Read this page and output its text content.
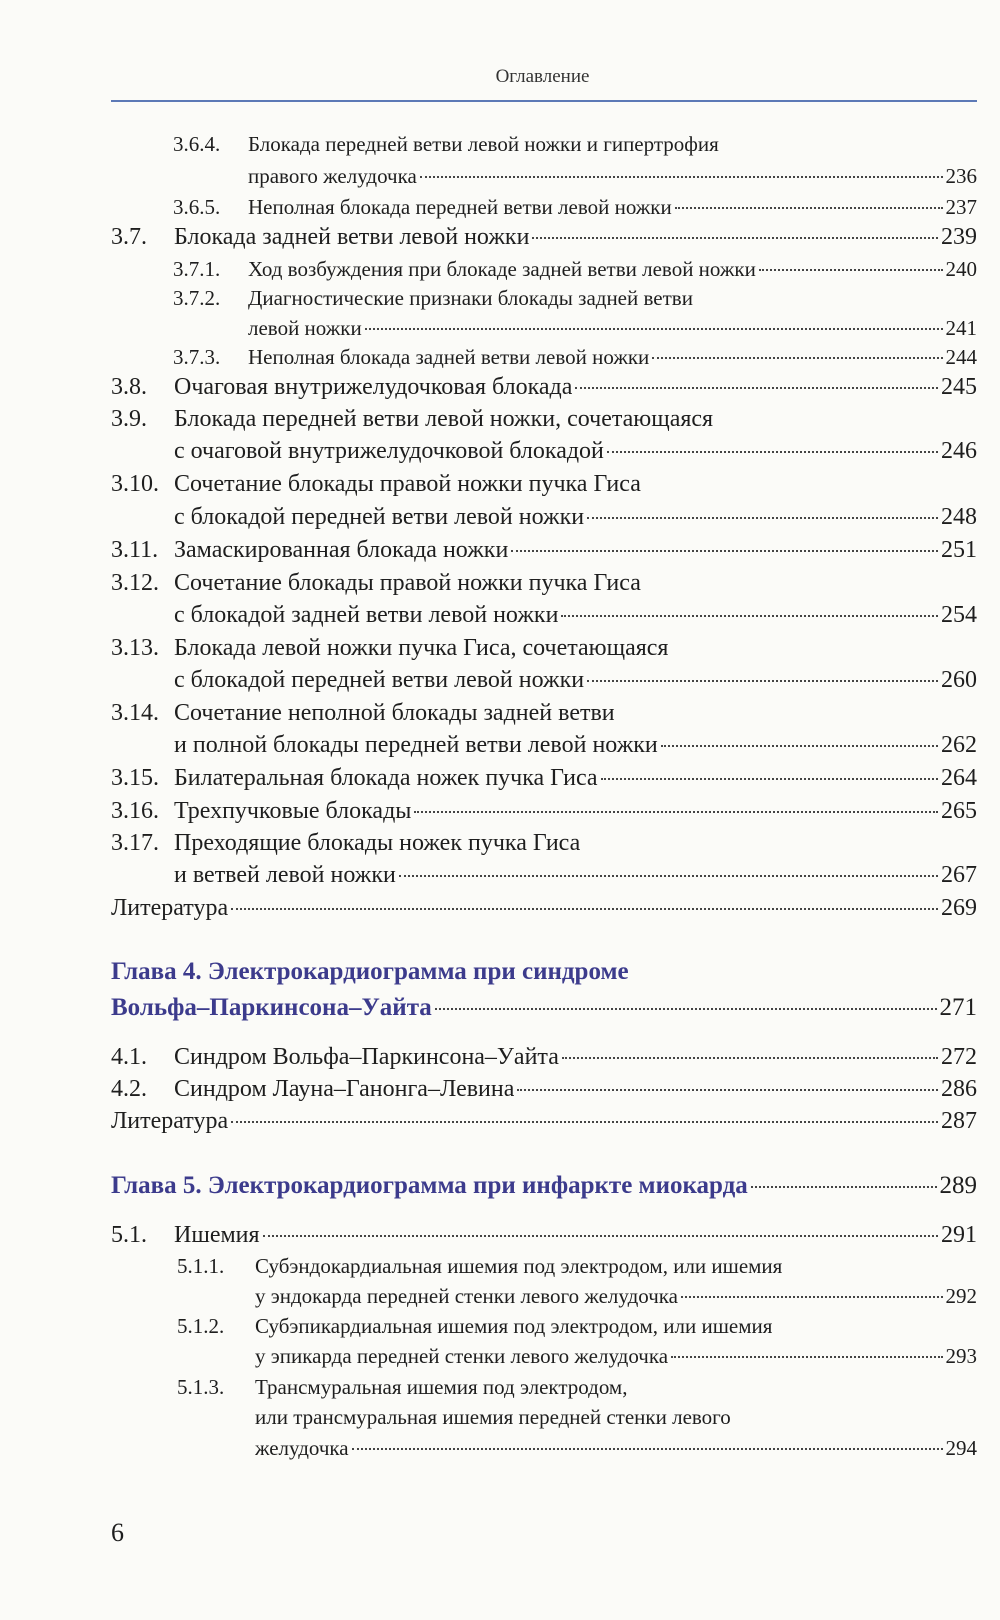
Оглавление
3.6.4.	Блокада передней ветви левой ножки и гипертрофия
правого желудочка	236
3.6.5.	Неполная блокада передней ветви левой ножки	237
3.7.	Блокада задней ветви левой ножки	239
3.7.1.	Ход возбуждения при блокаде задней ветви левой ножки	240
3.7.2.	Диагностические признаки блокады задней ветви
левой ножки	241
3.7.3.	Неполная блокада задней ветви левой ножки	244
3.8.	Очаговая внутрижелудочковая блокада	245
3.9.	Блокада передней ветви левой ножки, сочетающаяся
с очаговой внутрижелудочковой блокадой	246
3.10. Сочетание блокады правой ножки пучка Гиса
с блокадой передней ветви левой ножки	248
3.11. Замаскированная блокада ножки	251
3.12. Сочетание блокады правой ножки пучка Гиса
с блокадой задней ветви левой ножки	254
3.13. Блокада левой ножки пучка Гиса, сочетающаяся
с блокадой передней ветви левой ножки	260
3.14. Сочетание неполной блокады задней ветви
и полной блокады передней ветви левой ножки	262
3.15. Билатеральная блокада ножек пучка Гиса	264
3.16. Трехпучковые блокады	265
3.17. Преходящие блокады ножек пучка Гиса
и ветвей левой ножки	267
Литература	269
Глава 4. Электрокардиограмма при синдроме
Вольфа–Паркинсона–Уайта	271
4.1.	Синдром Вольфа–Паркинсона–Уайта	272
4.2.	Синдром Лауна–Ганонга–Левина	286
Литература	287
Глава 5. Электрокардиограмма при инфаркте миокарда	289
5.1.	Ишемия	291
5.1.1.	Субэндокардиальная ишемия под электродом, или ишемия
у эндокарда передней стенки левого желудочка	292
5.1.2.	Субэпикардиальная ишемия под электродом, или ишемия
у эпикарда передней стенки левого желудочка	293
5.1.3.	Трансмуральная ишемия под электродом,
или трансмуральная ишемия передней стенки левого
желудочка	294
6
